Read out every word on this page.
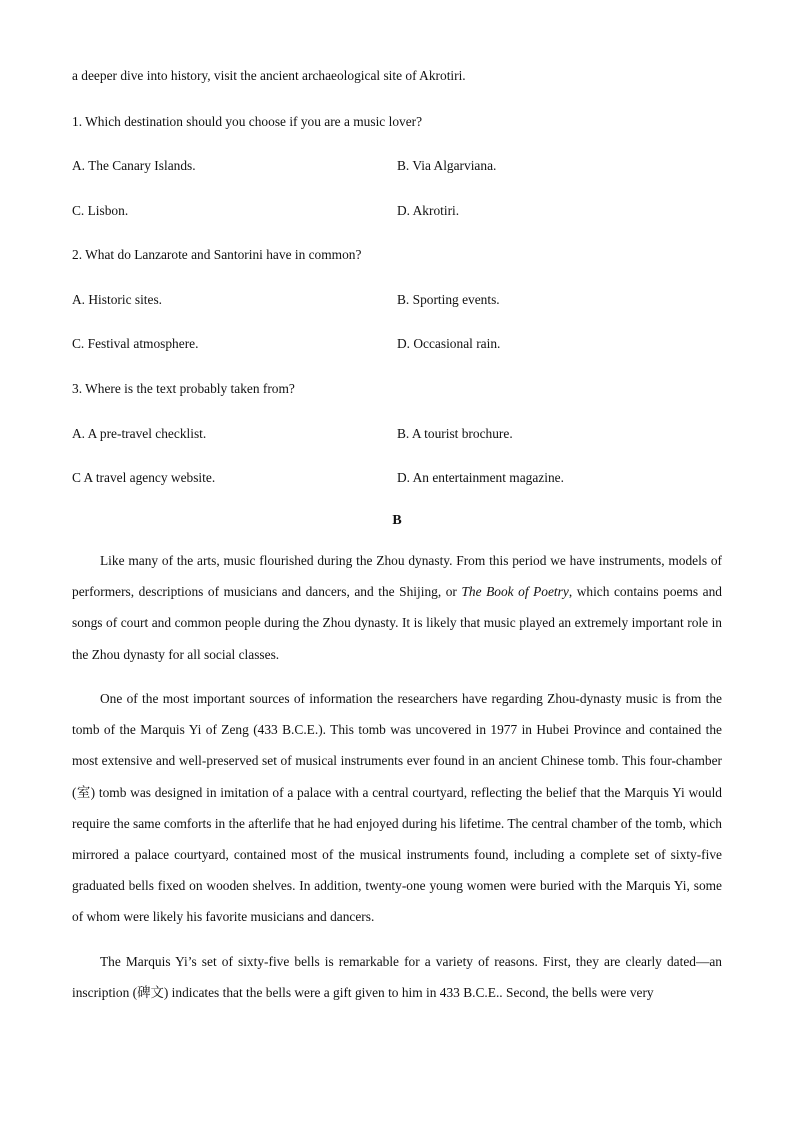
a deeper dive into history, visit the ancient archaeological site of Akrotiri.
1. Which destination should you choose if you are a music lover?
A. The Canary Islands.	B. Via Algarviana.
C. Lisbon.	D. Akrotiri.
2. What do Lanzarote and Santorini have in common?
A. Historic sites.	B. Sporting events.
C. Festival atmosphere.	D. Occasional rain.
3. Where is the text probably taken from?
A. A pre-travel checklist.	B. A tourist brochure.
C A travel agency website.	D. An entertainment magazine.
B

Like many of the arts, music flourished during the Zhou dynasty. From this period we have instruments, models of performers, descriptions of musicians and dancers, and the Shijing, or The Book of Poetry, which contains poems and songs of court and common people during the Zhou dynasty. It is likely that music played an extremely important role in the Zhou dynasty for all social classes.

One of the most important sources of information the researchers have regarding Zhou-dynasty music is from the tomb of the Marquis Yi of Zeng (433 B.C.E.). This tomb was uncovered in 1977 in Hubei Province and contained the most extensive and well-preserved set of musical instruments ever found in an ancient Chinese tomb. This four-chamber (室) tomb was designed in imitation of a palace with a central courtyard, reflecting the belief that the Marquis Yi would require the same comforts in the afterlife that he had enjoyed during his lifetime. The central chamber of the tomb, which mirrored a palace courtyard, contained most of the musical instruments found, including a complete set of sixty-five graduated bells fixed on wooden shelves. In addition, twenty-one young women were buried with the Marquis Yi, some of whom were likely his favorite musicians and dancers.

The Marquis Yi’s set of sixty-five bells is remarkable for a variety of reasons. First, they are clearly dated—an inscription (碑文) indicates that the bells were a gift given to him in 433 B.C.E.. Second, the bells were very
